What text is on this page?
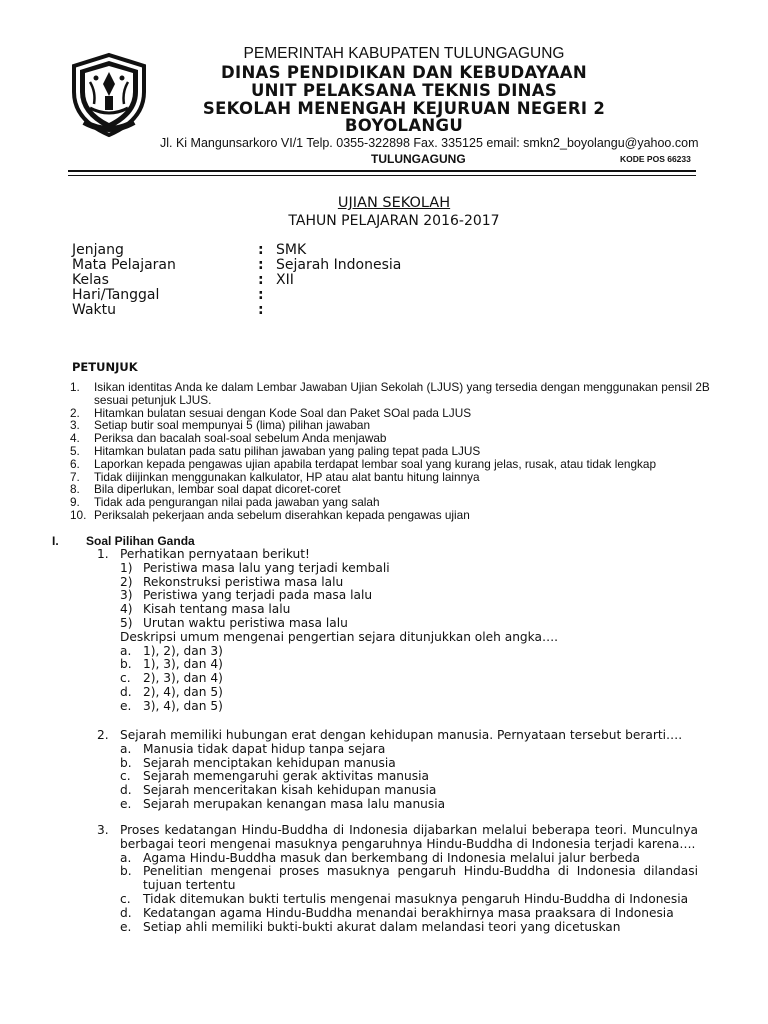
PEMERINTAH KABUPATEN TULUNGAGUNG
DINAS PENDIDIKAN DAN KEBUDAYAAN
UNIT PELAKSANA TEKNIS DINAS
SEKOLAH MENENGAH KEJURUAN NEGERI 2
BOYOLANGU
Jl. Ki Mangunsarkoro VI/1 Telp. 0355-322898 Fax. 335125 email: smkn2_boyolangu@yahoo.com
TULUNGAGUNG	KODE POS 66233
UJIAN SEKOLAH
TAHUN PELAJARAN 2016-2017
Jenjang	: SMK
Mata Pelajaran	: Sejarah Indonesia
Kelas	: XII
Hari/Tanggal	:
Waktu	:
PETUNJUK
1. Isikan identitas Anda ke dalam Lembar Jawaban Ujian Sekolah (LJUS) yang tersedia dengan menggunakan pensil 2B sesuai petunjuk LJUS.
2. Hitamkan bulatan sesuai dengan Kode Soal dan Paket SOal pada LJUS
3. Setiap butir soal mempunyai 5 (lima) pilihan jawaban
4. Periksa dan bacalah soal-soal sebelum Anda menjawab
5. Hitamkan bulatan pada satu pilihan jawaban yang paling tepat pada LJUS
6. Laporkan kepada pengawas ujian apabila terdapat lembar soal yang kurang jelas, rusak, atau tidak lengkap
7. Tidak diijinkan menggunakan kalkulator, HP atau alat bantu hitung lainnya
8. Bila diperlukan, lembar soal dapat dicoret-coret
9. Tidak ada pengurangan nilai pada jawaban yang salah
10. Periksalah pekerjaan anda sebelum diserahkan kepada pengawas ujian
I. Soal Pilihan Ganda
1. Perhatikan pernyataan berikut!
1) Peristiwa masa lalu yang terjadi kembali
2) Rekonstruksi peristiwa masa lalu
3) Peristiwa yang terjadi pada masa lalu
4) Kisah tentang masa lalu
5) Urutan waktu peristiwa masa lalu
Deskripsi umum mengenai pengertian sejara ditunjukkan oleh angka….
a. 1), 2), dan 3)
b. 1), 3), dan 4)
c. 2), 3), dan 4)
d. 2), 4), dan 5)
e. 3), 4), dan 5)
2. Sejarah memiliki hubungan erat dengan kehidupan manusia. Pernyataan tersebut berarti….
a. Manusia tidak dapat hidup tanpa sejara
b. Sejarah menciptakan kehidupan manusia
c. Sejarah memengaruhi gerak aktivitas manusia
d. Sejarah menceritakan kisah kehidupan manusia
e. Sejarah merupakan kenangan masa lalu manusia
3. Proses kedatangan Hindu-Buddha di Indonesia dijabarkan melalui beberapa teori. Munculnya berbagai teori mengenai masuknya pengaruhnya Hindu-Buddha di Indonesia terjadi karena….
a. Agama Hindu-Buddha masuk dan berkembang di Indonesia melalui jalur berbeda
b. Penelitian mengenai proses masuknya pengaruh Hindu-Buddha di Indonesia dilandasi tujuan tertentu
c. Tidak ditemukan bukti tertulis mengenai masuknya pengaruh Hindu-Buddha di Indonesia
d. Kedatangan agama Hindu-Buddha menandai berakhirnya masa praaksara di Indonesia
e. Setiap ahli memiliki bukti-bukti akurat dalam melandasi teori yang dicetuskan
